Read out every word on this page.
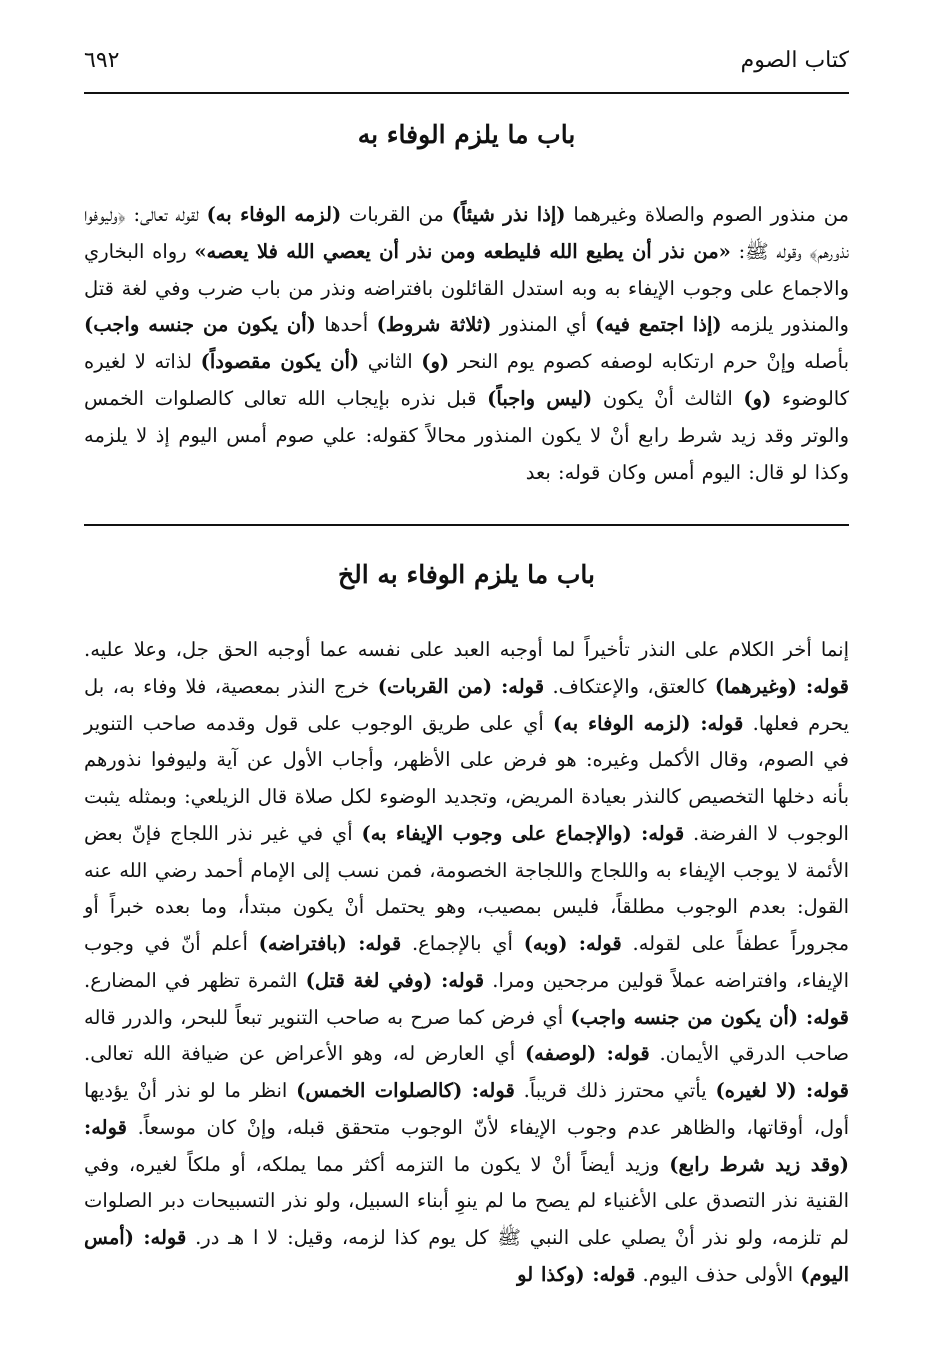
كتاب الصوم
٦٩٢
باب ما يلزم الوفاء به

من منذور الصوم والصلاة وغيرهما (إذا نذر شيئاً) من القربات (لزمه الوفاء به) لقوله تعالى: ﴿وليوفوا نذورهم﴾ وقوله ﷺ: «من نذر أن يطيع الله فليطعه ومن نذر أن يعصي الله فلا يعصه» رواه البخاري والاجماع على وجوب الإيفاء به وبه استدل القائلون بافتراضه ونذر من باب ضرب وفي لغة قتل والمنذور يلزمه (إذا اجتمع فيه) أي المنذور (ثلاثة شروط) أحدها (أن يكون من جنسه واجب) بأصله وإنْ حرم ارتكابه لوصفه كصوم يوم النحر (و) الثاني (أن يكون مقصوداً) لذاته لا لغيره كالوضوء (و) الثالث أنْ يكون (ليس واجباً) قبل نذره بإيجاب الله تعالى كالصلوات الخمس والوتر وقد زيد شرط رابع أنْ لا يكون المنذور محالاً كقوله: علي صوم أمس اليوم إذ لا يلزمه وكذا لو قال: اليوم أمس وكان قوله: بعد

باب ما يلزم الوفاء به الخ

إنما أخر الكلام على النذر تأخيراً لما أوجبه العبد على نفسه عما أوجبه الحق جل، وعلا عليه. قوله: (وغيرهما) كالعتق، والإعتكاف. قوله: (من القربات) خرج النذر بمعصية، فلا وفاء به، بل يحرم فعلها. قوله: (لزمه الوفاء به) أي على طريق الوجوب على قول وقدمه صاحب التنوير في الصوم، وقال الأكمل وغيره: هو فرض على الأظهر، وأجاب الأول عن آية وليوفوا نذورهم بأنه دخلها التخصيص كالنذر بعيادة المريض، وتجديد الوضوء لكل صلاة قال الزيلعي: وبمثله يثبت الوجوب لا الفرضة. قوله: (والإجماع على وجوب الإيفاء به) أي في غير نذر اللجاج فإنّ بعض الأئمة لا يوجب الإيفاء به واللجاج واللجاجة الخصومة، فمن نسب إلى الإمام أحمد رضي الله عنه القول: بعدم الوجوب مطلقاً، فليس بمصيب، وهو يحتمل أنْ يكون مبتدأ، وما بعده خبراً أو مجروراً عطفاً على لقوله. قوله: (وبه) أي بالإجماع. قوله: (بافتراضه) أعلم أنّ في وجوب الإيفاء، وافتراضه عملاً قولين مرجحين ومرا. قوله: (وفي لغة قتل) الثمرة تظهر في المضارع. قوله: (أن يكون من جنسه واجب) أي فرض كما صرح به صاحب التنوير تبعاً للبحر، والدرر قاله صاحب الدرقي الأيمان. قوله: (لوصفه) أي العارض له، وهو الأعراض عن ضيافة الله تعالى. قوله: (لا لغيره) يأتي محترز ذلك قريباً. قوله: (كالصلوات الخمس) انظر ما لو نذر أنْ يؤديها أول، أوقاتها، والظاهر عدم وجوب الإيفاء لأنّ الوجوب متحقق قبله، وإنْ كان موسعاً. قوله: (وقد زيد شرط رابع) وزيد أيضاً أنْ لا يكون ما التزمه أكثر مما يملكه، أو ملكاً لغيره، وفي القنية نذر التصدق على الأغنياء لم يصح ما لم ينوِ أبناء السبيل، ولو نذر التسبيحات دبر الصلوات لم تلزمه، ولو نذر أنْ يصلي على النبي ﷺ كل يوم كذا لزمه، وقيل: لا ا هـ در. قوله: (أمس اليوم) الأولى حذف اليوم. قوله: (وكذا لو
